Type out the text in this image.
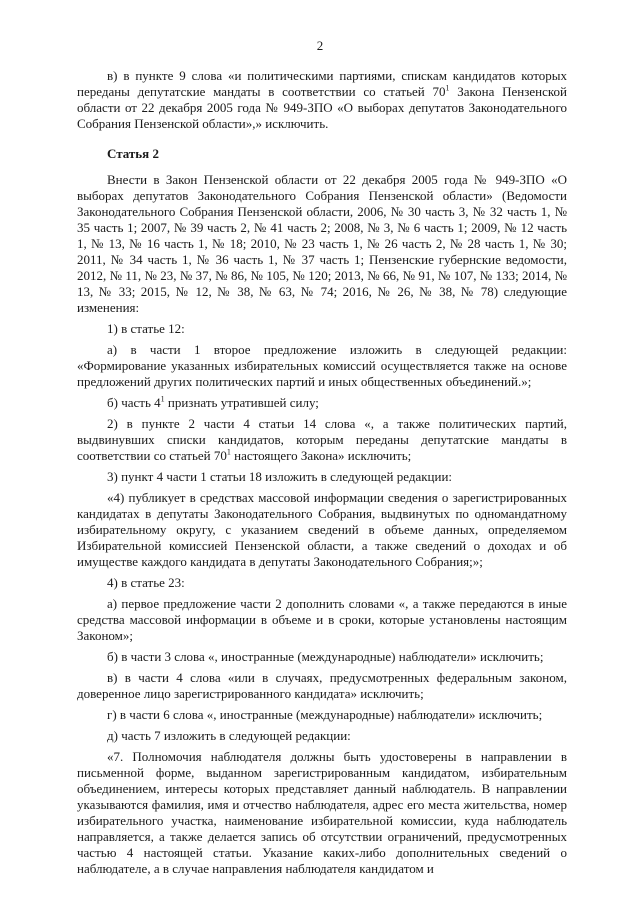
2

в) в пункте 9 слова «и политическими партиями, спискам кандидатов которых переданы депутатские мандаты в соответствии со статьей $70^1$ Закона Пензенской области от 22 декабря 2005 года № 949-ЗПО «О выборах депутатов Законодательного Собрания Пензенской области»,» исключить.

Статья 2

Внести в Закон Пензенской области от 22 декабря 2005 года № 949-ЗПО «О выборах депутатов Законодательного Собрания Пензенской области» (Ведомости Законодательного Собрания Пензенской области, 2006, № 30 часть 3, № 32 часть 1, № 35 часть 1; 2007, № 39 часть 2, № 41 часть 2; 2008, № 3, № 6 часть 1; 2009, № 12 часть 1, № 13, № 16 часть 1, № 18; 2010, № 23 часть 1, № 26 часть 2, № 28 часть 1, № 30; 2011, № 34 часть 1, № 36 часть 1, № 37 часть 1; Пензенские губернские ведомости, 2012, № 11, № 23, № 37, № 86, № 105, № 120; 2013, № 66, № 91, № 107, № 133; 2014, № 13, № 33; 2015, № 12, № 38, № 63, № 74; 2016, № 26, № 38, № 78) следующие изменения:

1) в статье 12:

а) в части 1 второе предложение изложить в следующей редакции: «Формирование указанных избирательных комиссий осуществляется также на основе предложений других политических партий и иных общественных объединений.»;

б) часть $4^1$ признать утратившей силу;

2) в пункте 2 части 4 статьи 14 слова «, а также политических партий, выдвинувших списки кандидатов, которым переданы депутатские мандаты в соответствии со статьей $70^1$ настоящего Закона» исключить;

3) пункт 4 части 1 статьи 18 изложить в следующей редакции:

«4) публикует в средствах массовой информации сведения о зарегистрированных кандидатах в депутаты Законодательного Собрания, выдвинутых по одномандатному избирательному округу, с указанием сведений в объеме данных, определяемом Избирательной комиссией Пензенской области, а также сведений о доходах и об имуществе каждого кандидата в депутаты Законодательного Собрания;»;

4) в статье 23:

а) первое предложение части 2 дополнить словами «, а также передаются в иные средства массовой информации в объеме и в сроки, которые установлены настоящим Законом»;

б) в части 3 слова «, иностранные (международные) наблюдатели» исключить;

в) в части 4 слова «или в случаях, предусмотренных федеральным законом, доверенное лицо зарегистрированного кандидата» исключить;

г) в части 6 слова «, иностранные (международные) наблюдатели» исключить;

д) часть 7 изложить в следующей редакции:

«7. Полномочия наблюдателя должны быть удостоверены в направлении в письменной форме, выданном зарегистрированным кандидатом, избирательным объединением, интересы которых представляет данный наблюдатель. В направлении указываются фамилия, имя и отчество наблюдателя, адрес его места жительства, номер избирательного участка, наименование избирательной комиссии, куда наблюдатель направляется, а также делается запись об отсутствии ограничений, предусмотренных частью 4 настоящей статьи. Указание каких-либо дополнительных сведений о наблюдателе, а в случае направления наблюдателя кандидатом и
